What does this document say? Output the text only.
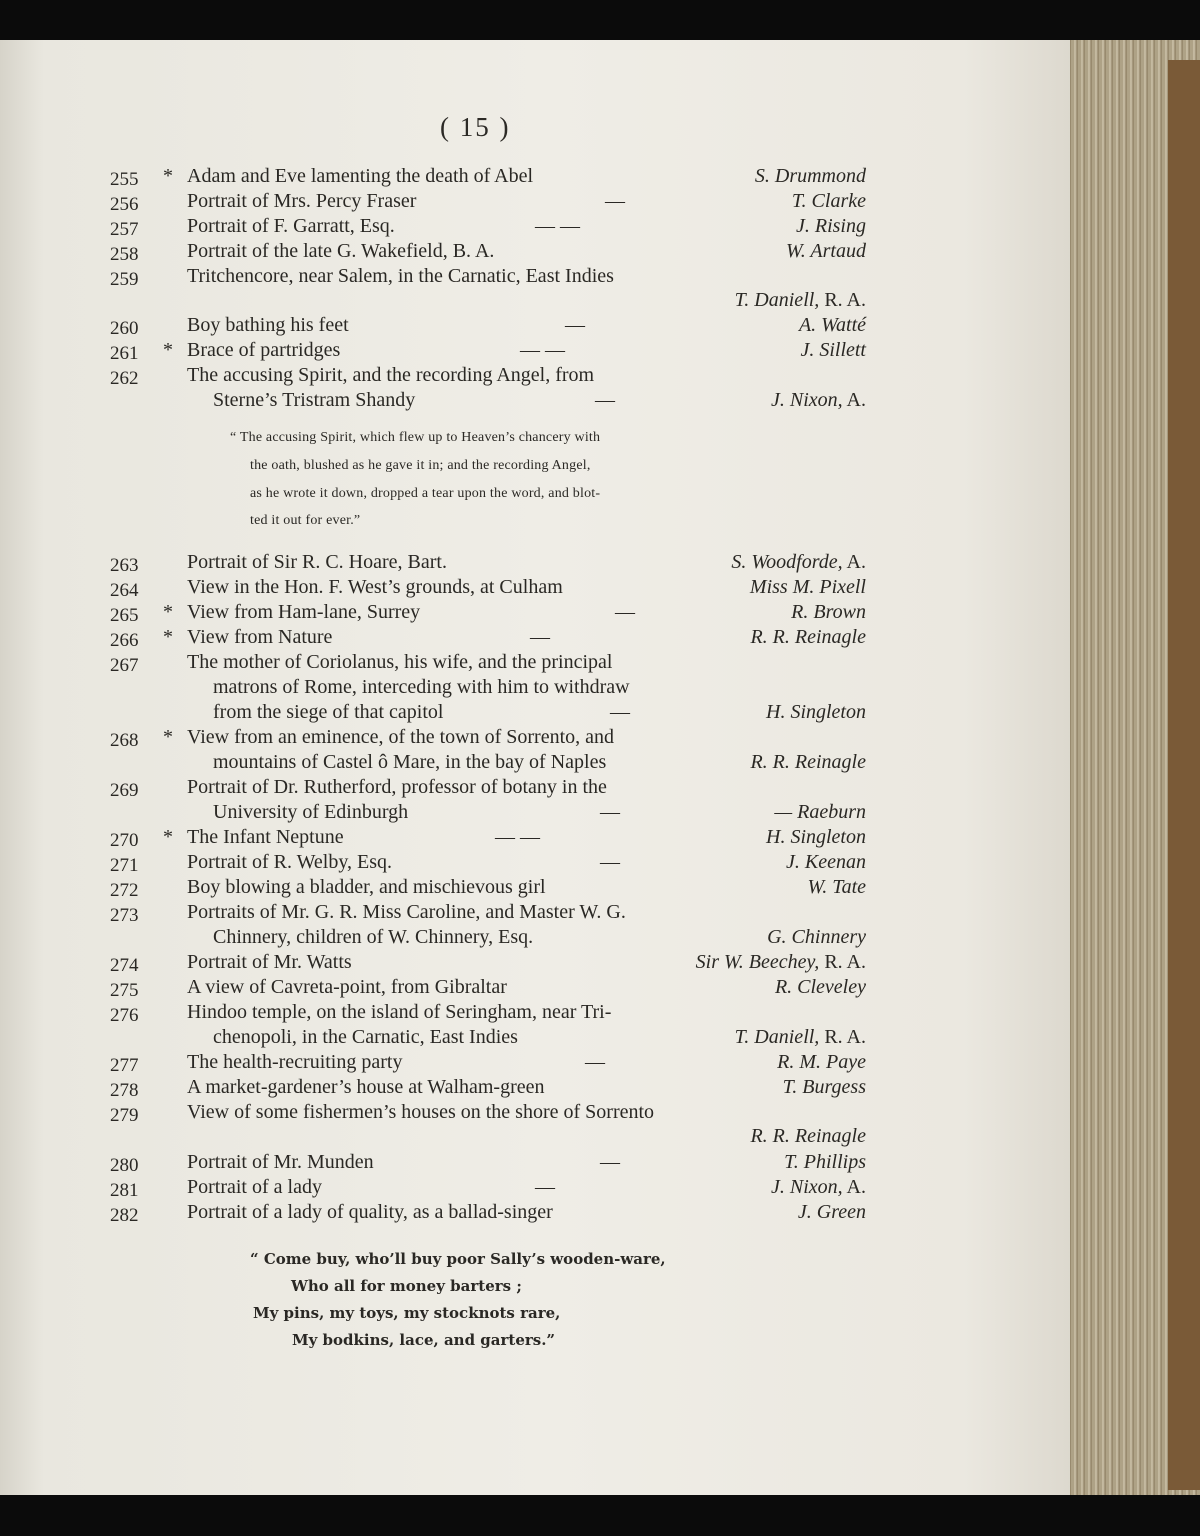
( 15 )
255 * Adam and Eve lamenting the death of Abel	S. Drummond
256 Portrait of Mrs. Percy Fraser	—	T. Clarke
257 Portrait of F. Garratt, Esq.	— —	J. Rising
258 Portrait of the late G. Wakefield, B. A.	W. Artaud
259 Tritchencore, near Salem, in the Carnatic, East Indies
T. Daniell, R. A.
260 Boy bathing his feet	—	A. Watté
261 * Brace of partridges	— —	J. Sillett
262 The accusing Spirit, and the recording Angel, from
Sterne’s Tristram Shandy	—	J. Nixon, A.
263 Portrait of Sir R. C. Hoare, Bart.	S. Woodforde, A.
264 View in the Hon. F. West’s grounds, at Culham	Miss M. Pixell
265 * View from Ham-lane, Surrey	—	R. Brown
266 * View from Nature	—	R. R. Reinagle
267 The mother of Coriolanus, his wife, and the principal
matrons of Rome, interceding with him to withdraw
from the siege of that capitol	—	H. Singleton
268 * View from an eminence, of the town of Sorrento, and
mountains of Castel ô Mare, in the bay of Naples	R. R. Reinagle
269 Portrait of Dr. Rutherford, professor of botany in the
University of Edinburgh	—	— Raeburn
270 * The Infant Neptune	— —	H. Singleton
271 Portrait of R. Welby, Esq.	—	J. Keenan
272 Boy blowing a bladder, and mischievous girl	W. Tate
273 Portraits of Mr. G. R. Miss Caroline, and Master W. G.
Chinnery, children of W. Chinnery, Esq.	G. Chinnery
274 Portrait of Mr. Watts	Sir W. Beechey, R. A.
275 A view of Cavreta-point, from Gibraltar	R. Cleveley
276 Hindoo temple, on the island of Seringham, near Tri-
chenopoli, in the Carnatic, East Indies	T. Daniell, R. A.
277 The health-recruiting party	—	R. M. Paye
278 A market-gardener’s house at Walham-green	T. Burgess
279 View of some fishermen’s houses on the shore of Sorrento
R. R. Reinagle
280 Portrait of Mr. Munden	—	T. Phillips
281 Portrait of a lady	—	J. Nixon, A.
282 Portrait of a lady of quality, as a ballad-singer	J. Green
“ The accusing Spirit, which flew up to Heaven’s chancery with
the oath, blushed as he gave it in; and the recording Angel,
as he wrote it down, dropped a tear upon the word, and blot-
ted it out for ever.”
“ Come buy, who’ll buy poor Sally’s wooden-ware,
Who all for money barters ;
My pins, my toys, my stocknots rare,
My bodkins, lace, and garters.”
